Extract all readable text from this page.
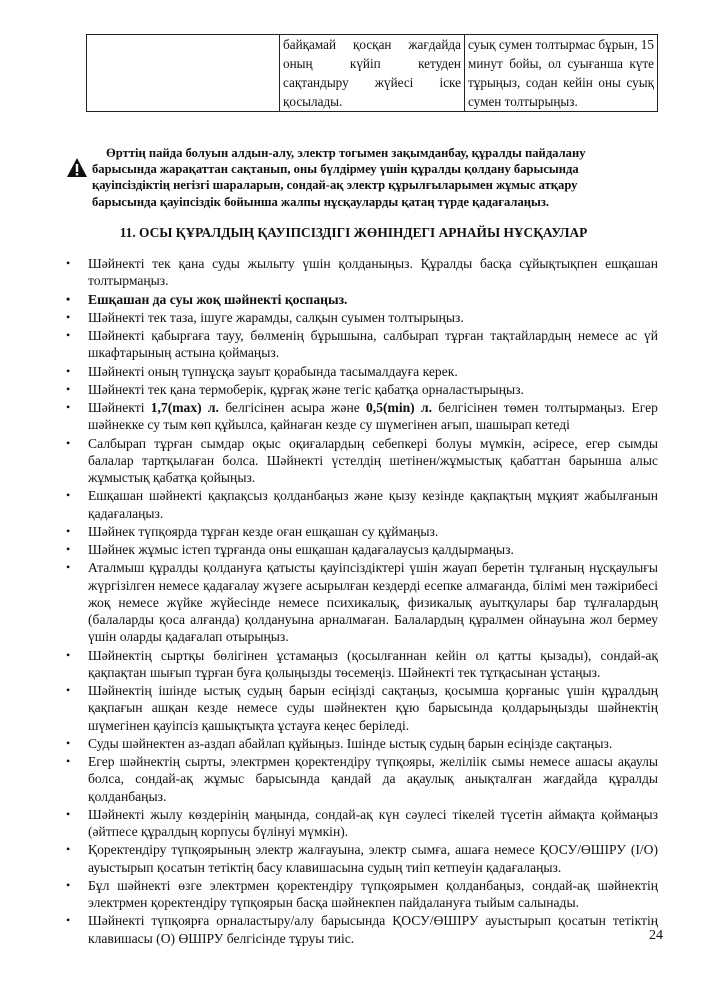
	байқамай қосқан жағдайда оның күйіп кетуден сақтандыру жүйесі іске қосылады.	суық сумен толтырмас бұрын, 15 минут бойы, ол суығанша күте тұрыңыз, содан кейін оны суық сумен толтырыңыз.
Өрттің пайда болуын алдын-алу, электр тогымен зақымданбау, құралды пайдалану
барысында жарақаттан сақтанып, оны бүлдірмеу үшін құралды қолдану барысында
қауіпсіздіктің негізгі шараларын, сондай-ақ электр құрылғыларымен жұмыс атқару
барысында қауіпсіздік бойынша жалпы нұсқауларды қатаң түрде қадағалаңыз.
11. ОСЫ ҚҰРАЛДЫҢ ҚАУІПСІЗДІГІ ЖӨНІНДЕГІ АРНАЙЫ НҰСҚАУЛАР
• Шәйнекті тек қана суды жылыту үшін қолданыңыз. Құралды басқа сұйықтықпен ешқашан толтырмаңыз.
• Ешқашан да суы жоқ шәйнекті қоспаңыз.
• Шәйнекті тек таза, ішуге жарамды, салқын суымен толтырыңыз.
• Шәйнекті қабырғаға тауу, бөлменің бұрышына, салбырап тұрған тақтайлардың немесе ас үй шкафтарының астына қоймаңыз.
• Шәйнекті оның түпнұсқа зауыт қорабында тасымалдауға керек.
• Шәйнекті тек қана термоберік, құрғақ және тегіс қабатқа орналастырыңыз.
• Шәйнекті 1,7(max) л. белгісінен асыра және 0,5(min) л. белгісінен төмен толтырмаңыз. Егер шәйнекке су тым көп құйылса, қайнаған кезде су шүмегінен ағып, шашырап кетеді
• Салбырап тұрған сымдар оқыс оқиғалардың себепкері болуы мүмкін, әсіресе, егер сымды балалар тартқылаған болса. Шәйнекті үстелдің шетінен/жұмыстық қабаттан барынша алыс жұмыстық қабатқа қойыңыз.
• Ешқашан шәйнекті қақпақсыз қолданбаңыз және қызу кезінде қақпақтың мұқият жабылғанын қадағалаңыз.
• Шәйнек түпқоярда тұрған кезде оған ешқашан су құймаңыз.
• Шәйнек жұмыс істеп тұрғанда оны ешқашан қадағалаусыз қалдырмаңыз.
• Аталмыш құралды қолдануға қатысты қауіпсіздіктері үшін жауап беретін тұлғаның нұсқаулығы жүргізілген немесе қадағалау жүзеге асырылған кездерді есепке алмағанда, білімі мен тәжірибесі жоқ немесе жүйке жүйесінде немесе психикалық, физикалық ауытқулары бар тұлғалардың (балаларды қоса алғанда) қолдануына арналмаған. Балалардың құралмен ойнауына жол бермеу үшін оларды қадағалап отырыңыз.
• Шәйнектің сыртқы бөлігінен ұстамаңыз (қосылғаннан кейін ол қатты қызады), сондай-ақ қақпақтан шығып тұрған буға қолыңызды төсемеңіз. Шәйнекті тек тұтқасынан ұстаңыз.
• Шәйнектің ішінде ыстық судың барын есіңізді сақтаңыз, қосымша қорғаныс үшін құралдың қақпағын ашқан кезде немесе суды шәйнектен құю барысында қолдарыңызды шәйнектің шүмегінен қауіпсіз қашықтықта ұстауға кеңес беріледі.
• Суды шәйнектен аз-аздап абайлап құйыңыз. Ішінде ыстық судың барын есіңізде сақтаңыз.
• Егер шәйнектің сырты, электрмен қоректендіру түпқояры, желіліік сымы немесе ашасы ақаулы болса, сондай-ақ жұмыс барысында қандай да ақаулық анықталған жағдайда құралды қолданбаңыз.
• Шәйнекті жылу көздерінің маңында, сондай-ақ күн сәулесі тікелей түсетін аймақта қоймаңыз (әйтпесе құралдың корпусы бүлінуі мүмкін).
• Қоректендіру түпқоярының электр жалғауына, электр сымға, ашаға немесе ҚОСУ/ӨШІРУ (I/O) ауыстырып қосатын тетіктің басу клавишасына судың тиіп кетпеуін қадағалаңыз.
• Бұл шәйнекті өзге электрмен қоректендіру түпқоярымен қолданбаңыз, сондай-ақ шәйнектің электрмен қоректендіру түпқоярын басқа шәйнекпен пайдалануға тыйым салынады.
• Шәйнекті түпқоярға орналастыру/алу барысында ҚОСУ/ӨШІРУ ауыстырып қосатын тетіктің клавишасы (О) ӨШІРУ белгісінде тұруы тиіс.	24
